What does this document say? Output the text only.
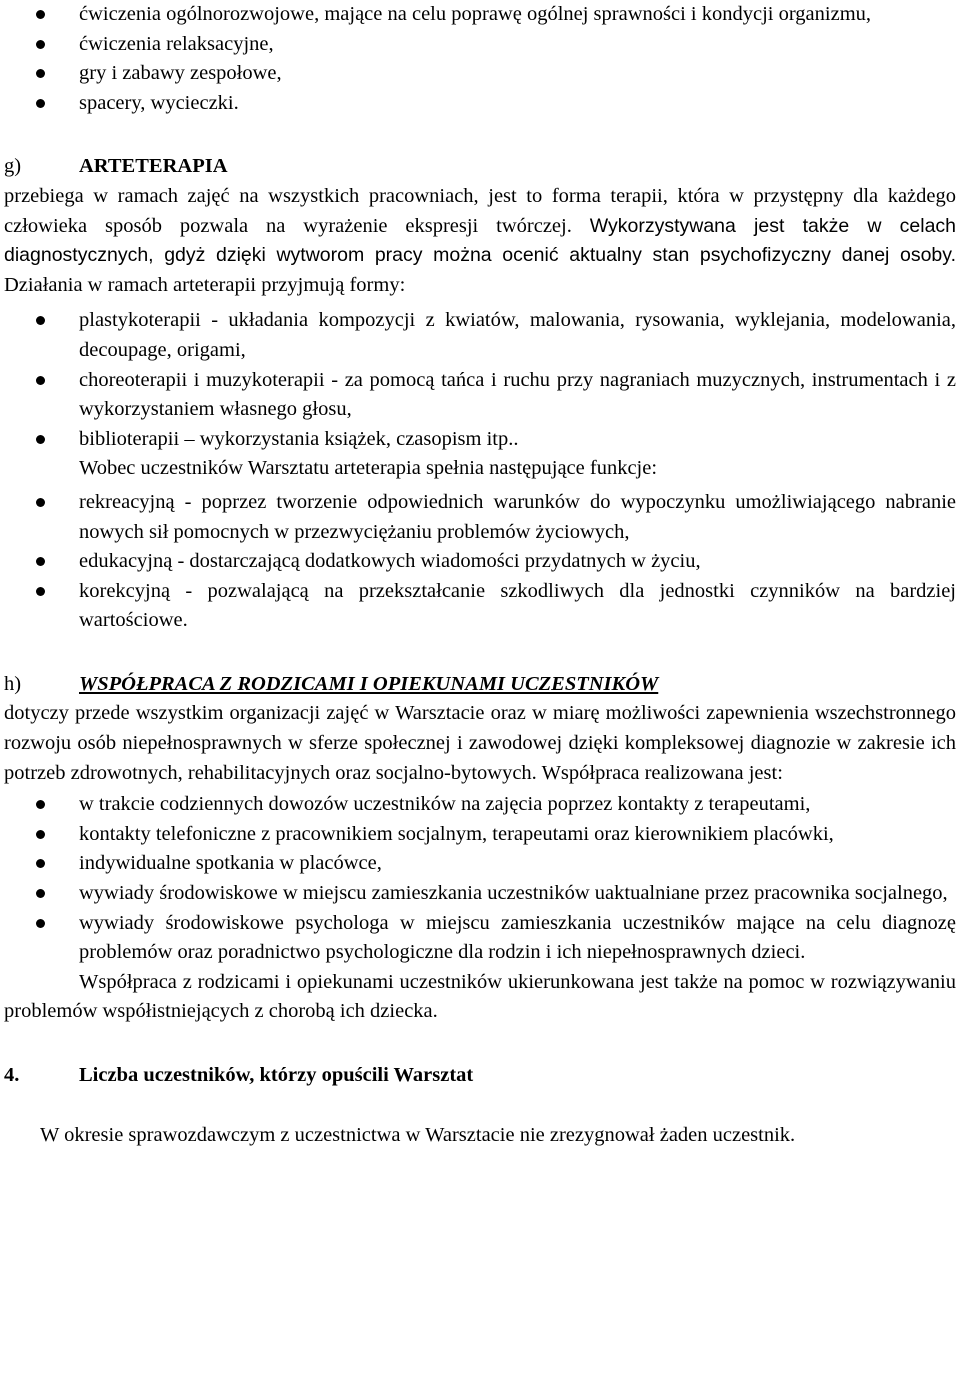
ćwiczenia ogólnorozwojowe, mające na celu poprawę ogólnej sprawności i kondycji organizmu,
ćwiczenia relaksacyjne,
gry i zabawy zespołowe,
spacery, wycieczki.
g)	ARTETERAPIA

przebiega w ramach zajęć na wszystkich pracowniach, jest to forma terapii, która w przystępny dla każdego człowieka sposób pozwala na wyrażenie ekspresji twórczej. Wykorzystywana jest także w celach diagnostycznych, gdyż dzięki wytworom pracy można ocenić aktualny stan psychofizyczny danej osoby. Działania w ramach arteterapii przyjmują formy:

plastykoterapii - układania kompozycji z kwiatów, malowania, rysowania, wyklejania, modelowania, decoupage, origami,
choreoterapii i muzykoterapii - za pomocą tańca i ruchu przy nagraniach muzycznych, instrumentach i z wykorzystaniem własnego głosu,
biblioterapii – wykorzystania książek, czasopism itp..

Wobec uczestników Warsztatu arteterapia spełnia następujące funkcje:

rekreacyjną - poprzez tworzenie odpowiednich warunków do wypoczynku umożliwiającego nabranie nowych sił pomocnych w przezwyciężaniu problemów życiowych,
edukacyjną - dostarczającą dodatkowych wiadomości przydatnych w życiu,
korekcyjną - pozwalającą na przekształcanie szkodliwych dla jednostki czynników na bardziej wartościowe.
h)	WSPÓŁPRACA Z RODZICAMI I OPIEKUNAMI UCZESTNIKÓW

dotyczy przede wszystkim organizacji zajęć w Warsztacie oraz w miarę możliwości zapewnienia wszechstronnego rozwoju osób niepełnosprawnych w sferze społecznej i zawodowej dzięki kompleksowej diagnozie w zakresie ich potrzeb zdrowotnych, rehabilitacyjnych oraz socjalno-bytowych. Współpraca realizowana jest:

w trakcie codziennych dowozów uczestników na zajęcia poprzez kontakty z terapeutami,
kontakty telefoniczne z pracownikiem socjalnym, terapeutami oraz kierownikiem placówki,
indywidualne spotkania w placówce,
wywiady środowiskowe w miejscu zamieszkania uczestników uaktualniane przez pracownika socjalnego,
wywiady środowiskowe psychologa w miejscu zamieszkania uczestników mające na celu diagnozę problemów oraz poradnictwo psychologiczne dla rodzin i ich niepełnosprawnych dzieci.

Współpraca z rodzicami i opiekunami uczestników ukierunkowana jest także na pomoc w rozwiązywaniu problemów współistniejących z chorobą ich dziecka.

4.	Liczba uczestników, którzy opuścili Warsztat

W okresie sprawozdawczym z uczestnictwa w Warsztacie nie zrezygnował żaden uczestnik.
